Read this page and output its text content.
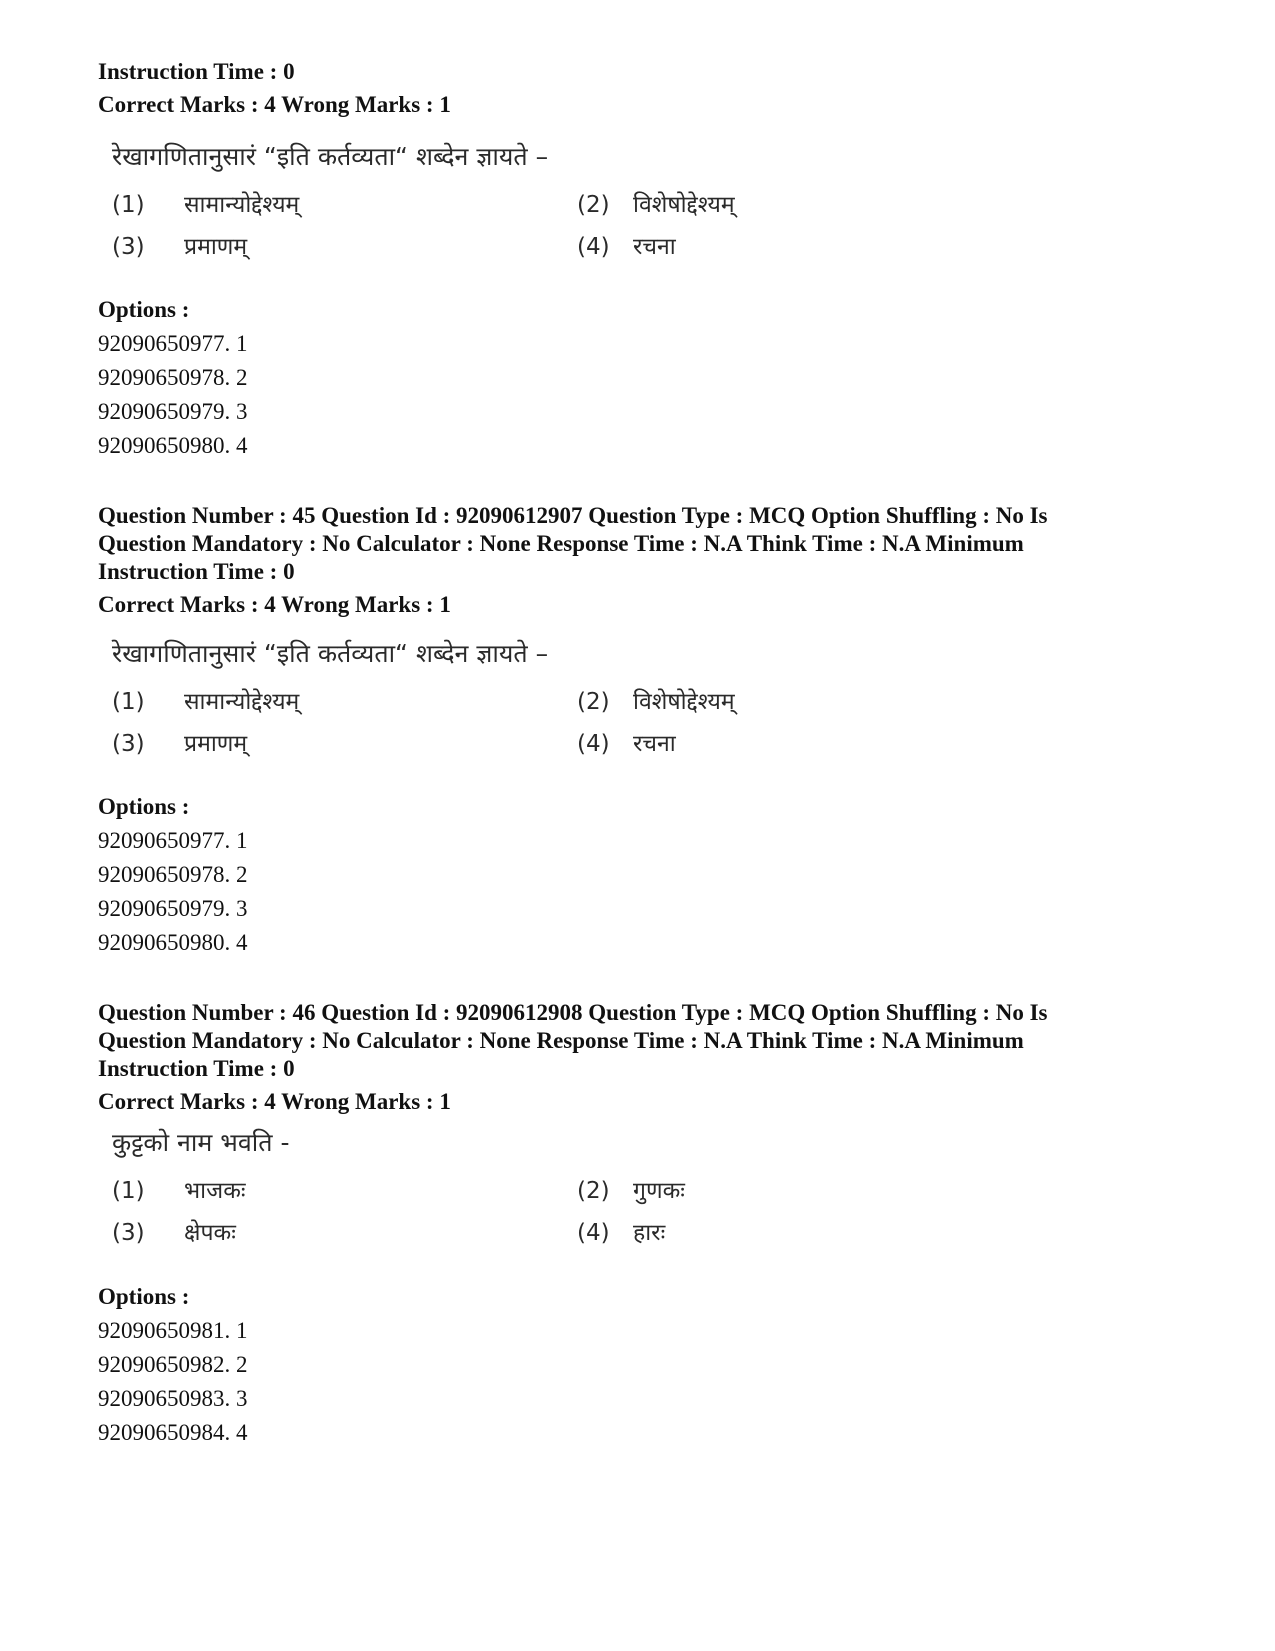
Instruction Time : 0
Correct Marks : 4 Wrong Marks : 1
रेखागणितानुसारं “इति कर्तव्यता“ शब्देन ज्ञायते –
(1) सामान्योद्देश्यम्	(2) विशेषोद्देश्यम्
(3) प्रमाणम्	(4) रचना
Options :
92090650977. 1
92090650978. 2
92090650979. 3
92090650980. 4
Question Number : 45 Question Id : 92090612907 Question Type : MCQ Option Shuffling : No Is
Question Mandatory : No Calculator : None Response Time : N.A Think Time : N.A Minimum
Instruction Time : 0
Correct Marks : 4 Wrong Marks : 1
रेखागणितानुसारं “इति कर्तव्यता“ शब्देन ज्ञायते –
(1) सामान्योद्देश्यम्	(2) विशेषोद्देश्यम्
(3) प्रमाणम्	(4) रचना
Options :
92090650977. 1
92090650978. 2
92090650979. 3
92090650980. 4
Question Number : 46 Question Id : 92090612908 Question Type : MCQ Option Shuffling : No Is
Question Mandatory : No Calculator : None Response Time : N.A Think Time : N.A Minimum
Instruction Time : 0
Correct Marks : 4 Wrong Marks : 1
कुट्टको नाम भवति -
(1) भाजकः	(2) गुणकः
(3) क्षेपकः	(4) हारः
Options :
92090650981. 1
92090650982. 2
92090650983. 3
92090650984. 4
